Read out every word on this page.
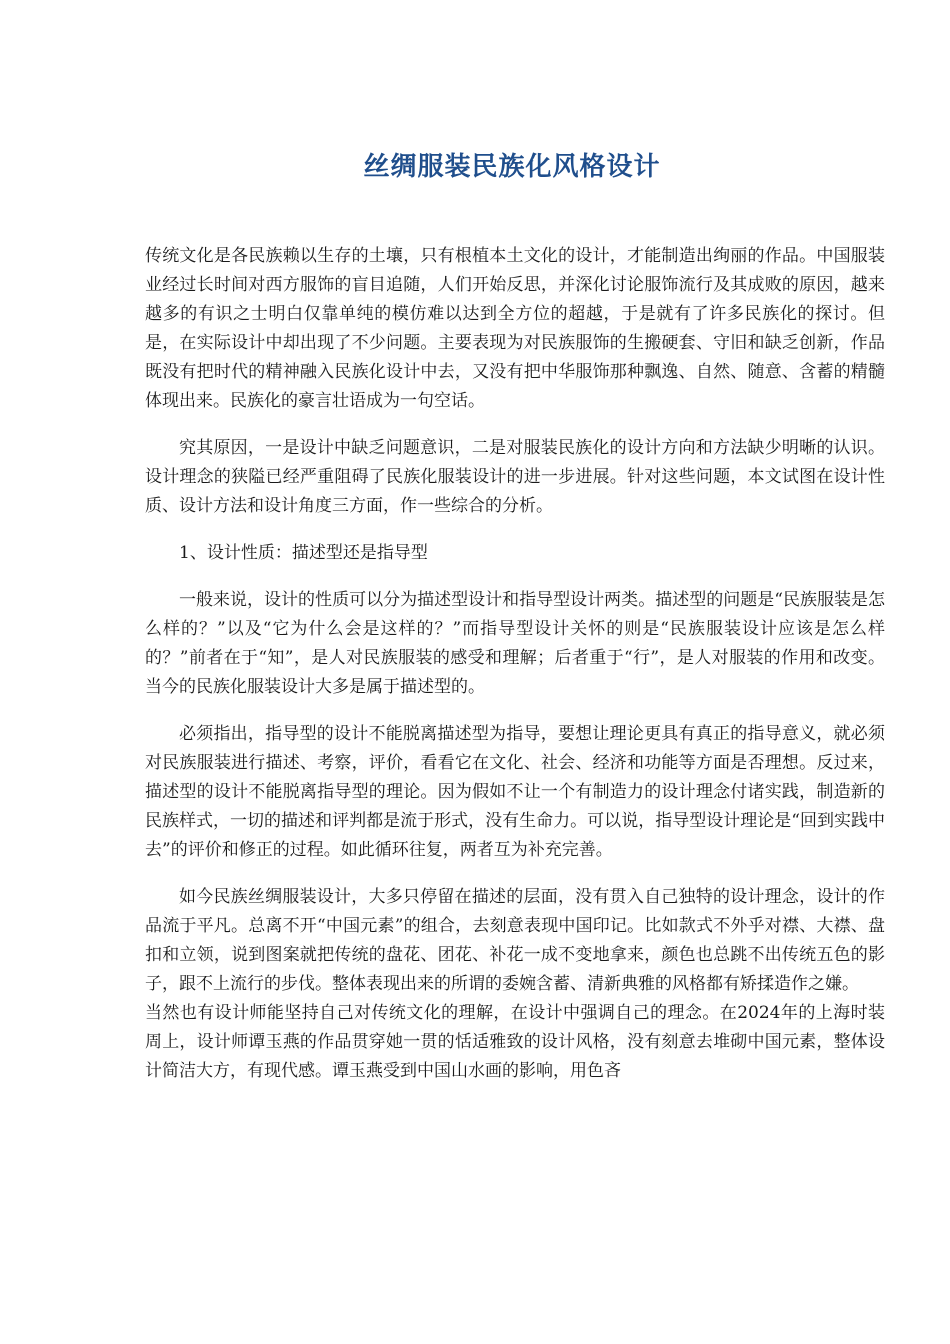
丝绸服装民族化风格设计

传统文化是各民族赖以生存的土壤，只有根植本土文化的设计，才能制造出绚丽的作品。中国服装业经过长时间对西方服饰的盲目追随，人们开始反思，并深化讨论服饰流行及其成败的原因，越来越多的有识之士明白仅靠单纯的模仿难以达到全方位的超越，于是就有了许多民族化的探讨。但是，在实际设计中却出现了不少问题。主要表现为对民族服饰的生搬硬套、守旧和缺乏创新，作品既没有把时代的精神融入民族化设计中去，又没有把中华服饰那种飘逸、自然、随意、含蓄的精髓体现出来。民族化的豪言壮语成为一句空话。

究其原因，一是设计中缺乏问题意识，二是对服装民族化的设计方向和方法缺少明晰的认识。设计理念的狭隘已经严重阻碍了民族化服装设计的进一步进展。针对这些问题，本文试图在设计性质、设计方法和设计角度三方面，作一些综合的分析。

1、设计性质：描述型还是指导型

一般来说，设计的性质可以分为描述型设计和指导型设计两类。描述型的问题是“民族服装是怎么样的？”以及“它为什么会是这样的？”而指导型设计关怀的则是“民族服装设计应该是怎么样的？”前者在于“知”，是人对民族服装的感受和理解；后者重于“行”，是人对服装的作用和改变。当今的民族化服装设计大多是属于描述型的。

必须指出，指导型的设计不能脱离描述型为指导，要想让理论更具有真正的指导意义，就必须对民族服装进行描述、考察，评价，看看它在文化、社会、经济和功能等方面是否理想。反过来，描述型的设计不能脱离指导型的理论。因为假如不让一个有制造力的设计理念付诸实践，制造新的民族样式，一切的描述和评判都是流于形式，没有生命力。可以说，指导型设计理论是“回到实践中去”的评价和修正的过程。如此循环往复，两者互为补充完善。

如今民族丝绸服装设计，大多只停留在描述的层面，没有贯入自己独特的设计理念，设计的作品流于平凡。总离不开“中国元素”的组合，去刻意表现中国印记。比如款式不外乎对襟、大襟、盘扣和立领，说到图案就把传统的盘花、团花、补花一成不变地拿来，颜色也总跳不出传统五色的影子，跟不上流行的步伐。整体表现出来的所谓的委婉含蓄、清新典雅的风格都有矫揉造作之嫌。

当然也有设计师能坚持自己对传统文化的理解，在设计中强调自己的理念。在2024年的上海时装周上，设计师谭玉燕的作品贯穿她一贯的恬适雅致的设计风格，没有刻意去堆砌中国元素，整体设计简洁大方，有现代感。谭玉燕受到中国山水画的影响，用色吝
